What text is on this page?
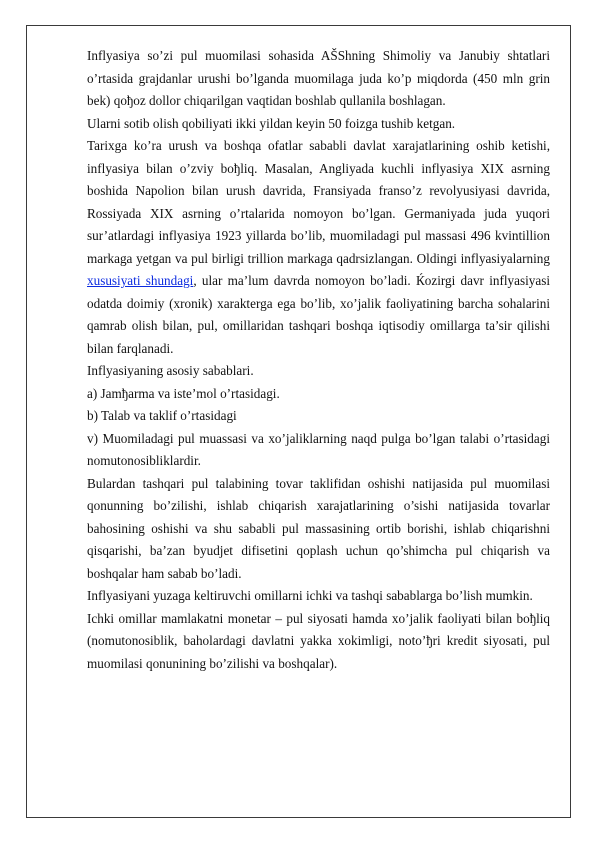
Inflyasiya so’zi pul muomilasi sohasida AŠShning Shimoliy va Janubiy shtatlari o’rtasida grajdanlar urushi bo’lganda muomilaga juda ko’p miqdorda (450 mln grin bek) qoђoz dollor chiqarilgan vaqtidan boshlab qullanila boshlagan.

Ularni sotib olish qobiliyati ikki yildan keyin 50 foizga tushib ketgan.

Tarixga ko’ra urush va boshqa ofatlar sababli davlat xarajatlarining oshib ketishi, inflyasiya bilan o’zviy boђliq. Masalan, Angliyada kuchli inflyasiya XIX asrning boshida Napolion bilan urush davrida, Fransiyada franso’z revolyusiyasi davrida, Rossiyada XIX asrning o’rtalarida nomoyon bo’lgan. Germaniyada juda yuqori sur’atlardagi inflyasiya 1923 yillarda bo’lib, muomiladagi pul massasi 496 kvintillion markaga yetgan va pul birligi trillion markaga qadrsizlangan. Oldingi inflyasiyalarning xususiyati shundagi, ular ma’lum davrda nomoyon bo’ladi. Ќozirgi davr inflyasiyasi odatda doimiy (xronik) xarakterga ega bo’lib, xo’jalik faoliyatining barcha sohalarini qamrab olish bilan, pul, omillaridan tashqari boshqa iqtisodiy omillarga ta’sir qilishi bilan farqlanadi.

Inflyasiyaning asosiy sabablari.

a) Jamђarma va iste’mol o’rtasidagi.

b) Talab va taklif o’rtasidagi

v) Muomiladagi pul muassasi va xo’jaliklarning naqd pulga bo’lgan talabi o’rtasidagi nomutonosibliklardir.

Bulardan tashqari pul talabining tovar taklifidan oshishi natijasida pul muomilasi qonunning bo’zilishi, ishlab chiqarish xarajatlarining o’sishi natijasida tovarlar bahosining oshishi va shu sababli pul massasining ortib borishi, ishlab chiqarishni qisqarishi, ba’zan byudjet difisetini qoplash uchun qo’shimcha pul chiqarish va boshqalar ham sabab bo’ladi.

Inflyasiyani yuzaga keltiruvchi omillarni ichki va tashqi sabablarga bo’lish mumkin.

Ichki omillar mamlakatni monetar – pul siyosati hamda xo’jalik faoliyati bilan boђliq (nomutonosiblik, baholardagi davlatni yakka xokimligi, noto’ђri kredit siyosati, pul muomilasi qonunining bo’zilishi va boshqalar).
